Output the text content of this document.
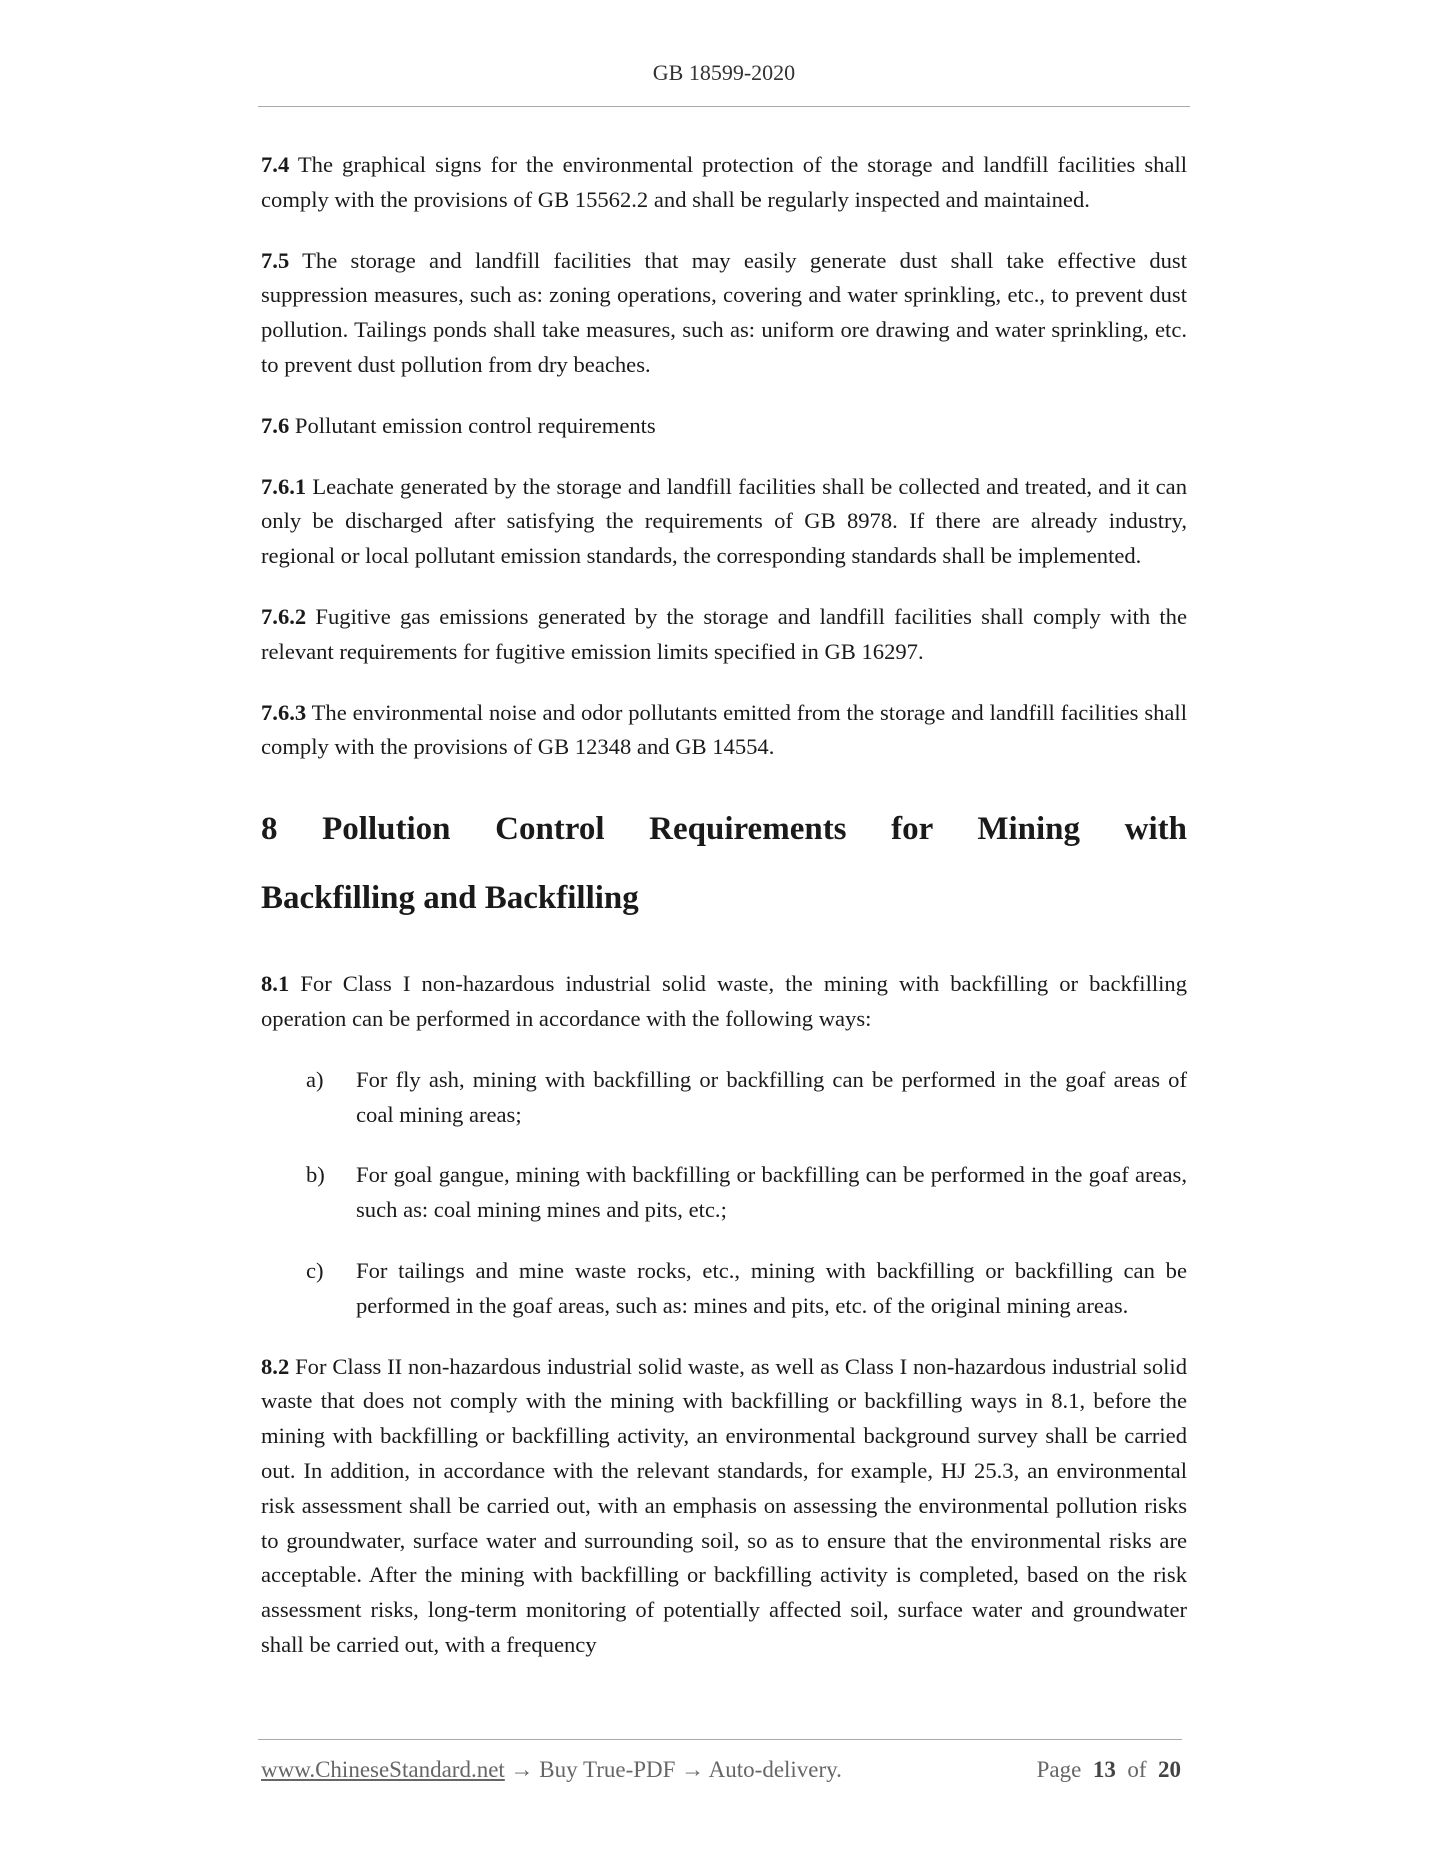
GB 18599-2020

7.4 The graphical signs for the environmental protection of the storage and landfill facilities shall comply with the provisions of GB 15562.2 and shall be regularly inspected and maintained.

7.5 The storage and landfill facilities that may easily generate dust shall take effective dust suppression measures, such as: zoning operations, covering and water sprinkling, etc., to prevent dust pollution. Tailings ponds shall take measures, such as: uniform ore drawing and water sprinkling, etc. to prevent dust pollution from dry beaches.

7.6 Pollutant emission control requirements

7.6.1 Leachate generated by the storage and landfill facilities shall be collected and treated, and it can only be discharged after satisfying the requirements of GB 8978. If there are already industry, regional or local pollutant emission standards, the corresponding standards shall be implemented.

7.6.2 Fugitive gas emissions generated by the storage and landfill facilities shall comply with the relevant requirements for fugitive emission limits specified in GB 16297.

7.6.3 The environmental noise and odor pollutants emitted from the storage and landfill facilities shall comply with the provisions of GB 12348 and GB 14554.

8 Pollution Control Requirements for Mining with
Backfilling and Backfilling

8.1 For Class I non-hazardous industrial solid waste, the mining with backfilling or backfilling operation can be performed in accordance with the following ways:

a)	For fly ash, mining with backfilling or backfilling can be performed in the goaf areas of coal mining areas;
b)	For goal gangue, mining with backfilling or backfilling can be performed in the goaf areas, such as: coal mining mines and pits, etc.;
c)	For tailings and mine waste rocks, etc., mining with backfilling or backfilling can be performed in the goaf areas, such as: mines and pits, etc. of the original mining areas.

8.2 For Class II non-hazardous industrial solid waste, as well as Class I non-hazardous industrial solid waste that does not comply with the mining with backfilling or backfilling ways in 8.1, before the mining with backfilling or backfilling activity, an environmental background survey shall be carried out. In addition, in accordance with the relevant standards, for example, HJ 25.3, an environmental risk assessment shall be carried out, with an emphasis on assessing the environmental pollution risks to groundwater, surface water and surrounding soil, so as to ensure that the environmental risks are acceptable. After the mining with backfilling or backfilling activity is completed, based on the risk assessment risks, long-term monitoring of potentially affected soil, surface water and groundwater shall be carried out, with a frequency

www.ChineseStandard.net → Buy True-PDF → Auto-delivery.	Page 13 of 20
